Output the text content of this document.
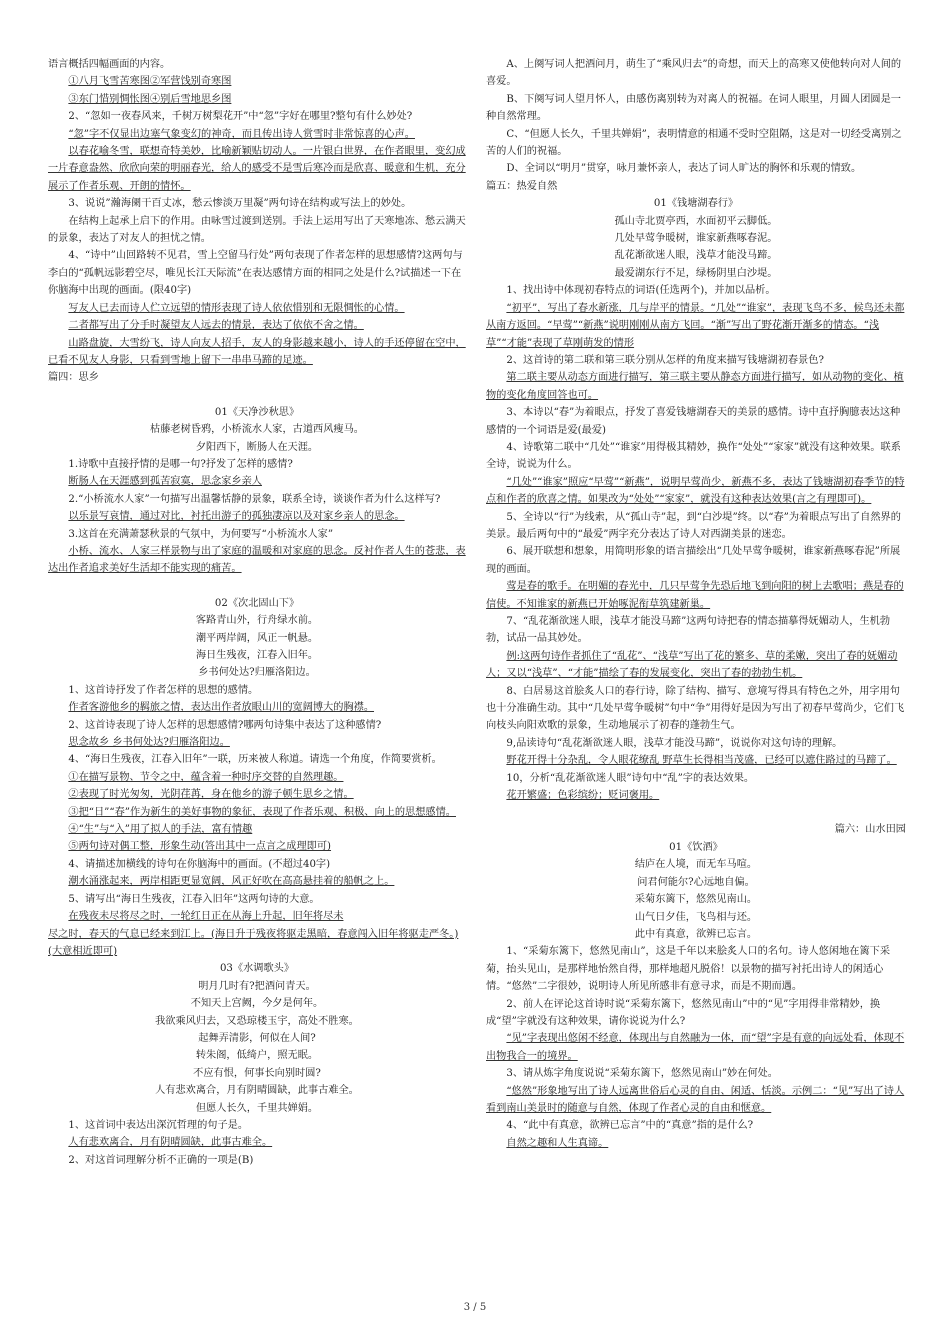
语言概括四幅画面的内容。

①八月飞雪苦寒图②军营饯别奇寒图

③东门惜别惆怅图④别后雪地思乡图

2、“忽如一夜春风来，千树万树梨花开”中“忽”字好在哪里?整句有什么妙处?

“忽”字不仅显出边塞气象变幻的神奇，而且传出诗人赏雪时非常惊喜的心声。

以春花喻冬雪，联想奇特美妙，比喻新颖贴切动人。一片银白世界，在作者眼里，变幻成一片春意盎然、欣欣向荣的明丽春光，给人的感受不是雪后寒冷而是欣喜、暖意和生机，充分展示了作者乐观、开朗的情怀。

3、说说”瀚海阑干百丈冰，愁云惨淡万里凝”两句诗在结构或写法上的妙处。

在结构上起承上启下的作用。由咏雪过渡到送别。手法上运用写出了天寒地冻、愁云满天的景象，表达了对友人的担忧之情。

4、“诗中”山回路转不见君，雪上空留马行处”两句表现了作者怎样的思想感情?这两句与李白的“孤帆远影碧空尽，唯见长江天际流”在表达感情方面的相同之处是什么?试描述一下在你脑海中出现的画面。(限40字)

写友人已去而诗人伫立远望的情形表现了诗人依依惜别和无限惆怅的心情。

二者都写出了分手时凝望友人远去的情景，表达了依依不舍之情。

山路盘旋，大雪纷飞，诗人向友人招手，友人的身影越来越小，诗人的手还停留在空中，已看不见友人身影，只看到雪地上留下一串串马蹄的足迹。

篇四：思乡

01《天净沙秋思》

枯藤老树昏鸦，小桥流水人家，古道西风瘦马。

夕阳西下，断肠人在天涯。

1.诗歌中直接抒情的是哪一句?抒发了怎样的感情?

断肠人在天涯感到孤苦寂寞，思念家乡亲人

2.“小桥流水人家”一句描写出温馨恬静的景象，联系全诗，谈谈作者为什么这样写?

以乐景写哀情，通过对比，衬托出游子的孤独凄凉以及对家乡亲人的思念。

3.这首在充满萧瑟秋景的气氛中，为何要写“小桥流水人家”

小桥、流水、人家三样景物与出了家庭的温暖和对家庭的思念。反衬作者人生的苍悲，表达出作者追求美好生活却不能实现的痛苦。

02《次北固山下》

客路青山外，行舟绿水前。

潮平两岸阔，风正一帆悬。

海日生残夜，江春入旧年。

乡书何处达?归雁洛阳边。

1、这首诗抒发了作者怎样的思想的感情。

作者客游他乡的羁旅之情，表达出作者放眼山川的宽阔博大的胸襟。

2、这首诗表现了诗人怎样的思想感情?哪两句诗集中表达了这种感情?

思念故乡 乡书何处达?归雁洛阳边。

4、“海日生残夜，江春入旧年”一联，历来被人称道。请选一个角度，作简要赏析。

①在描写景物、节令之中，蕴含着一种时序交替的自然理趣。

②表现了时光匆匆，光阴荏苒，身在他乡的游子顿生思乡之情。

③把“日”“春”作为新生的美好事物的象征，表现了作者乐观、积极、向上的思想感情。

④“生”与“入”用了拟人的手法，富有情趣

⑤两句诗对偶工整，形象生动(答出其中一点言之成理即可)

4、请描述加横线的诗句在你脑海中的画面。(不超过40字)

潮水涌涨起来，两岸相距更显宽阔，风正好吹在高高悬挂着的船帆之上。

5、请写出“海日生残夜，江春入旧年”这两句诗的大意。

在残夜未尽将尽之时，一轮红日正在从海上升起，旧年将尽未

尽之时，春天的气息已经来到江上。(海日升于残夜将驱走黑暗，春意闯入旧年将驱走严冬。)(大意相近即可)

03《水调歌头》

明月几时有?把酒问青天。

不知天上宫阙，今夕是何年。

我欲乘风归去，又恐琼楼玉宇，高处不胜寒。

起舞弄清影，何似在人间?

转朱阁，低绮户，照无眠。

不应有恨，何事长向别时圆?

人有悲欢离合，月有阴晴圆缺，此事古难全。

但愿人长久，千里共婵娟。

1、这首词中表达出深沉哲理的句子是。

人有悲欢离合，月有阴晴圆缺，此事古难全。

2、对这首词理解分析不正确的一项是(B)

A、上阕写词人把酒问月，萌生了“乘风归去”的奇想，而天上的高寒又使他转向对人间的喜爱。

B、下阕写词人望月怀人，由感伤离别转为对离人的祝福。在词人眼里，月圆人团圆是一种自然常理。

C、“但愿人长久，千里共婵娟”，表明情意的相通不受时空阻隔，这是对一切经受离别之苦的人们的祝福。

D、全词以“明月”贯穿，咏月兼怀亲人，表达了词人旷达的胸怀和乐观的情致。

篇五：热爱自然

01《钱塘湖春行》

孤山寺北贾亭西，水面初平云脚低。

几处早莺争暖树，谁家新燕啄春泥。

乱花渐欲迷人眼，浅草才能没马蹄。

最爱湖东行不足，绿杨阴里白沙堤。

1、找出诗中体现初春特点的词语(任选两个)，并加以品析。

“初平”，写出了春水新涨，几与岸平的情景。“几处”“谁家”，表现飞鸟不多，候鸟还未都从南方返回。“早莺”“新燕”说明刚刚从南方飞回。“渐”写出了野花渐开渐多的情态。“浅草”“才能”表现了草刚萌发的情形

2、这首诗的第二联和第三联分别从怎样的角度来描写钱塘湖初春景色?

第二联主要从动态方面进行描写，第三联主要从静态方面进行描写，如从动物的变化、植物的变化角度回答也可。

3、本诗以“春”为着眼点，抒发了喜爱钱塘湖春天的美景的感情。诗中直抒胸臆表达这种感情的一个词语是爱(最爱)

4、诗歌第二联中“几处”“谁家”用得极其精妙，换作“处处”“家家”就没有这种效果。联系全诗，说说为什么。

“几处”“谁家”照应“早莺”“新燕”，说明早莺尚少，新燕不多，表达了钱塘湖初春季节的特点和作者的欣喜之情。如果改为“处处”“家家”，就没有这种表达效果(言之有理即可)。

5、全诗以“行”为线索，从“孤山寺”起，到“白沙堤”终。以“春”为着眼点写出了自然界的美景。最后两句中的“最爱”两字充分表达了诗人对西湖美景的迷恋。

6、展开联想和想象，用简明形象的语言描绘出“几处早莺争暖树，谁家新燕啄春泥”所展现的画面。

莺是春的歌手。在明媚的春光中，几只早莺争先恐后地飞到向阳的树上去歌唱；燕是春的信使。不知谁家的新燕已开始啄泥衔草筑建新巢。

7、“乱花渐欲迷人眼，浅草才能没马蹄”这两句诗把春的情态描摹得妩媚动人，生机勃勃，试品一品其妙处。

例:这两句诗作者抓住了“乱花”、“浅草”写出了花的繁多、草的柔嫩，突出了春的妩媚动人；又以“浅草”、“才能”描绘了春的发展变化，突出了春的勃勃生机。

8、白居易这首脍炙人口的春行诗，除了结构、描写、意境写得具有特色之外，用字用句也十分准确生动。其中“几处早莺争暖树”句中“争”用得好是因为写出了初春早莺尚少，它们飞向枝头向阳欢歌的景象，生动地展示了初春的蓬勃生气。

9,品读诗句“乱花渐欲迷人眼，浅草才能没马蹄”，说说你对这句诗的理解。

野花开得十分杂乱，令人眼花缭乱 野草生长得相当茂盛，已经可以遮住路过的马蹄了。

10，分析“乱花渐欲迷人眼”诗句中“乱”字的表达效果。

花开繁盛；色彩缤纷；贬词褒用。

篇六：山水田园

01《饮酒》

结庐在人境，而无车马喧。

问君何能尔?心远地自偏。

采菊东篱下，悠然见南山。

山气日夕佳，飞鸟相与还。

此中有真意，欲辨已忘言。

1、“采菊东篱下，悠然见南山”，这是千年以来脍炙人口的名句。诗人悠闲地在篱下采菊，抬头见山，是那样地怡然自得，那样地超凡脱俗！以景物的描写衬托出诗人的闲适心情。“悠然”二字很妙，说明诗人所见所感非有意寻求，而是不期而遇。

2、前人在评论这首诗时说“采菊东篱下，悠然见南山”中的“见”字用得非常精妙，换成“望”字就没有这种效果，请你说说为什么?

“见”字表现出悠闲不经意，体现出与自然融为一体，而“望”字是有意的向远处看，体现不出物我合一的境界。

3、请从炼字角度说说“采菊东篱下，悠然见南山”妙在何处。

“悠然”形象地写出了诗人远离世俗后心灵的自由、闲适、恬淡。示例二：“见”写出了诗人看到南山美景时的随意与自然，体现了作者心灵的自由和惬意。

4、“此中有真意，欲辨已忘言”中的“真意”指的是什么?

自然之趣和人生真谛。

3 / 5
